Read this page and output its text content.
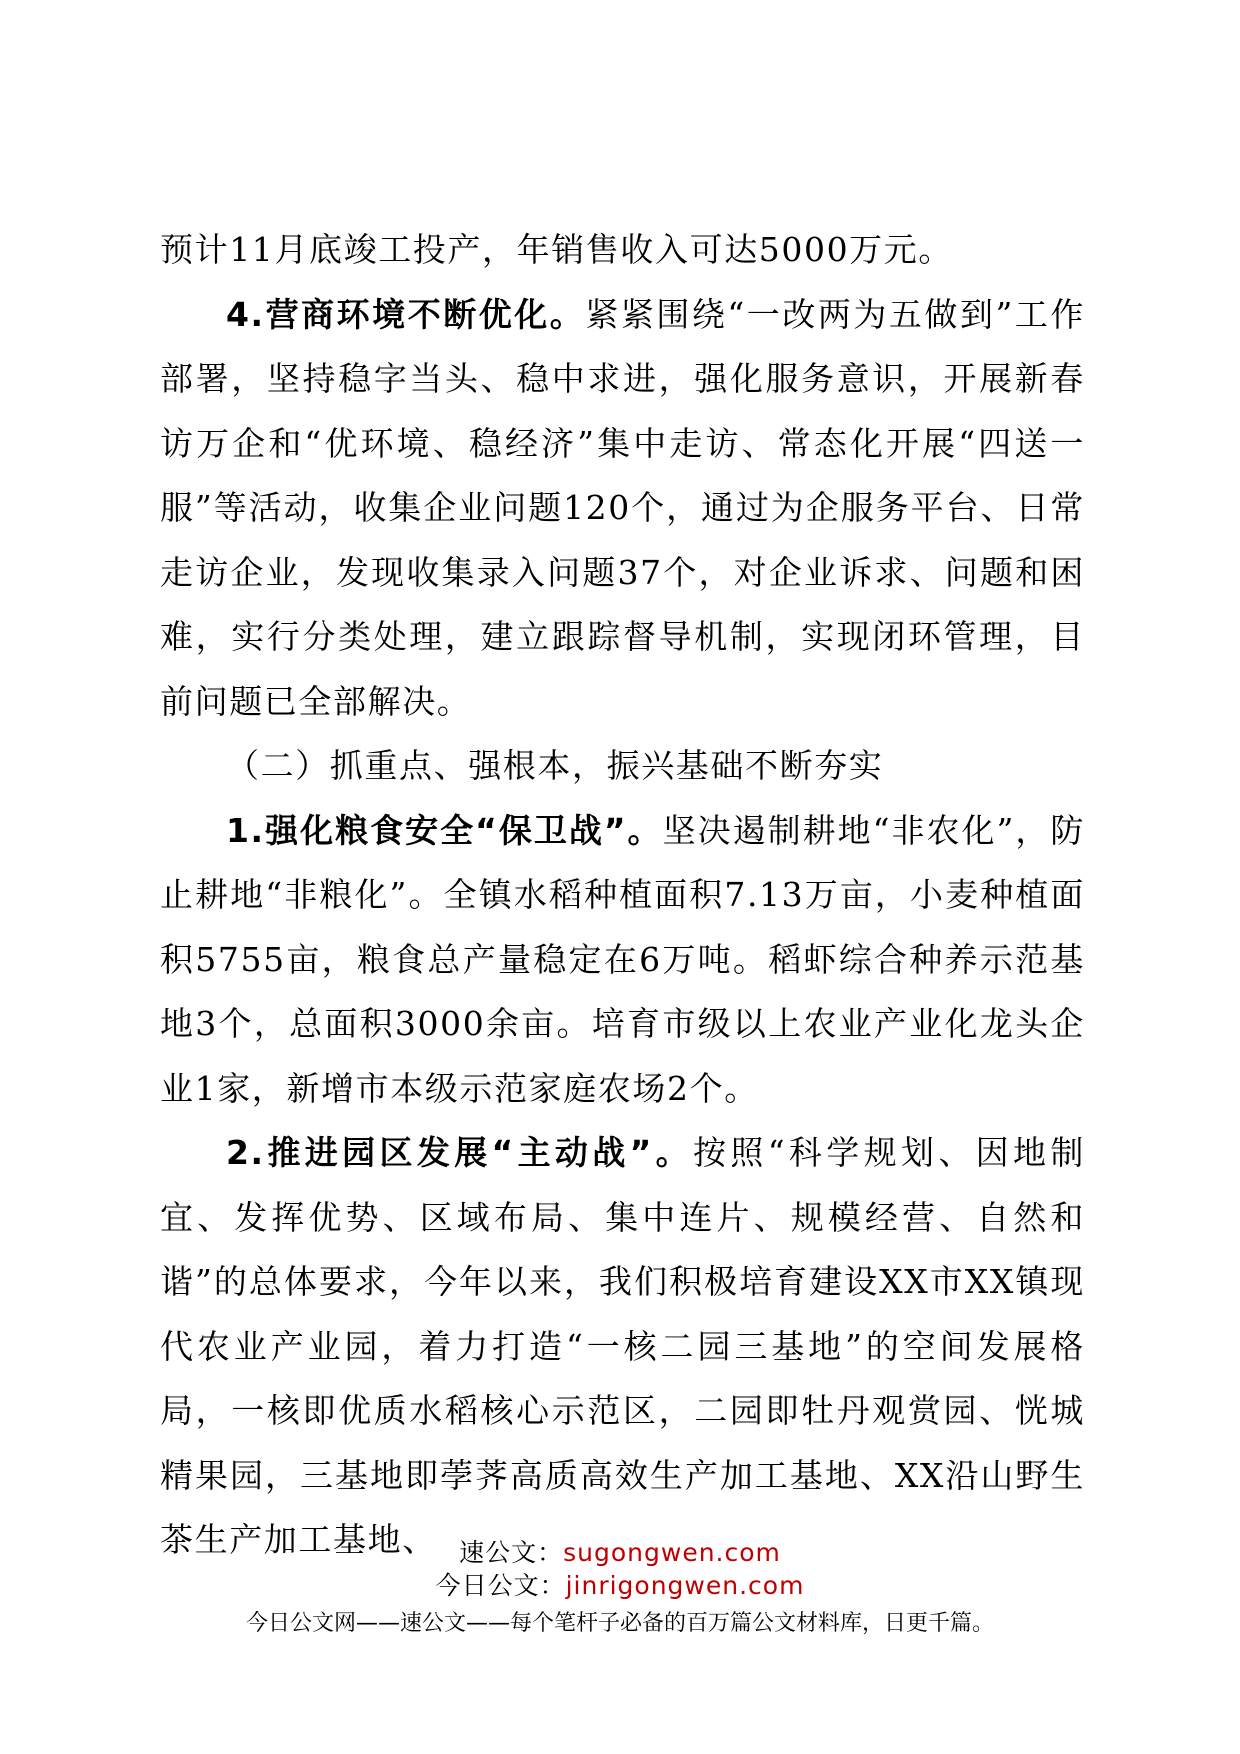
预计11月底竣工投产，年销售收入可达5000万元。

4.营商环境不断优化。紧紧围绕“一改两为五做到”工作部署，坚持稳字当头、稳中求进，强化服务意识，开展新春访万企和“优环境、稳经济”集中走访、常态化开展“四送一服”等活动，收集企业问题120个，通过为企服务平台、日常走访企业，发现收集录入问题37个，对企业诉求、问题和困难，实行分类处理，建立跟踪督导机制，实现闭环管理，目前问题已全部解决。

（二）抓重点、强根本，振兴基础不断夯实

1.强化粮食安全“保卫战”。坚决遏制耕地“非农化”，防止耕地“非粮化”。全镇水稻种植面积7.13万亩，小麦种植面积5755亩，粮食总产量稳定在6万吨。稻虾综合种养示范基地3个，总面积3000余亩。培育市级以上农业产业化龙头企业1家，新增市本级示范家庭农场2个。

2.推进园区发展“主动战”。按照“科学规划、因地制宜、发挥优势、区域布局、集中连片、规模经营、自然和谐”的总体要求，今年以来，我们积极培育建设XX市XX镇现代农业产业园，着力打造“一核二园三基地”的空间发展格局，一核即优质水稻核心示范区，二园即牡丹观赏园、恍城精果园，三基地即荸荠高质高效生产加工基地、XX沿山野生茶生产加工基地、 速公文：sugongwen.com
今日公文：jinrigongwen.com
今日公文网——速公文——每个笔杆子必备的百万篇公文材料库，日更千篇。
